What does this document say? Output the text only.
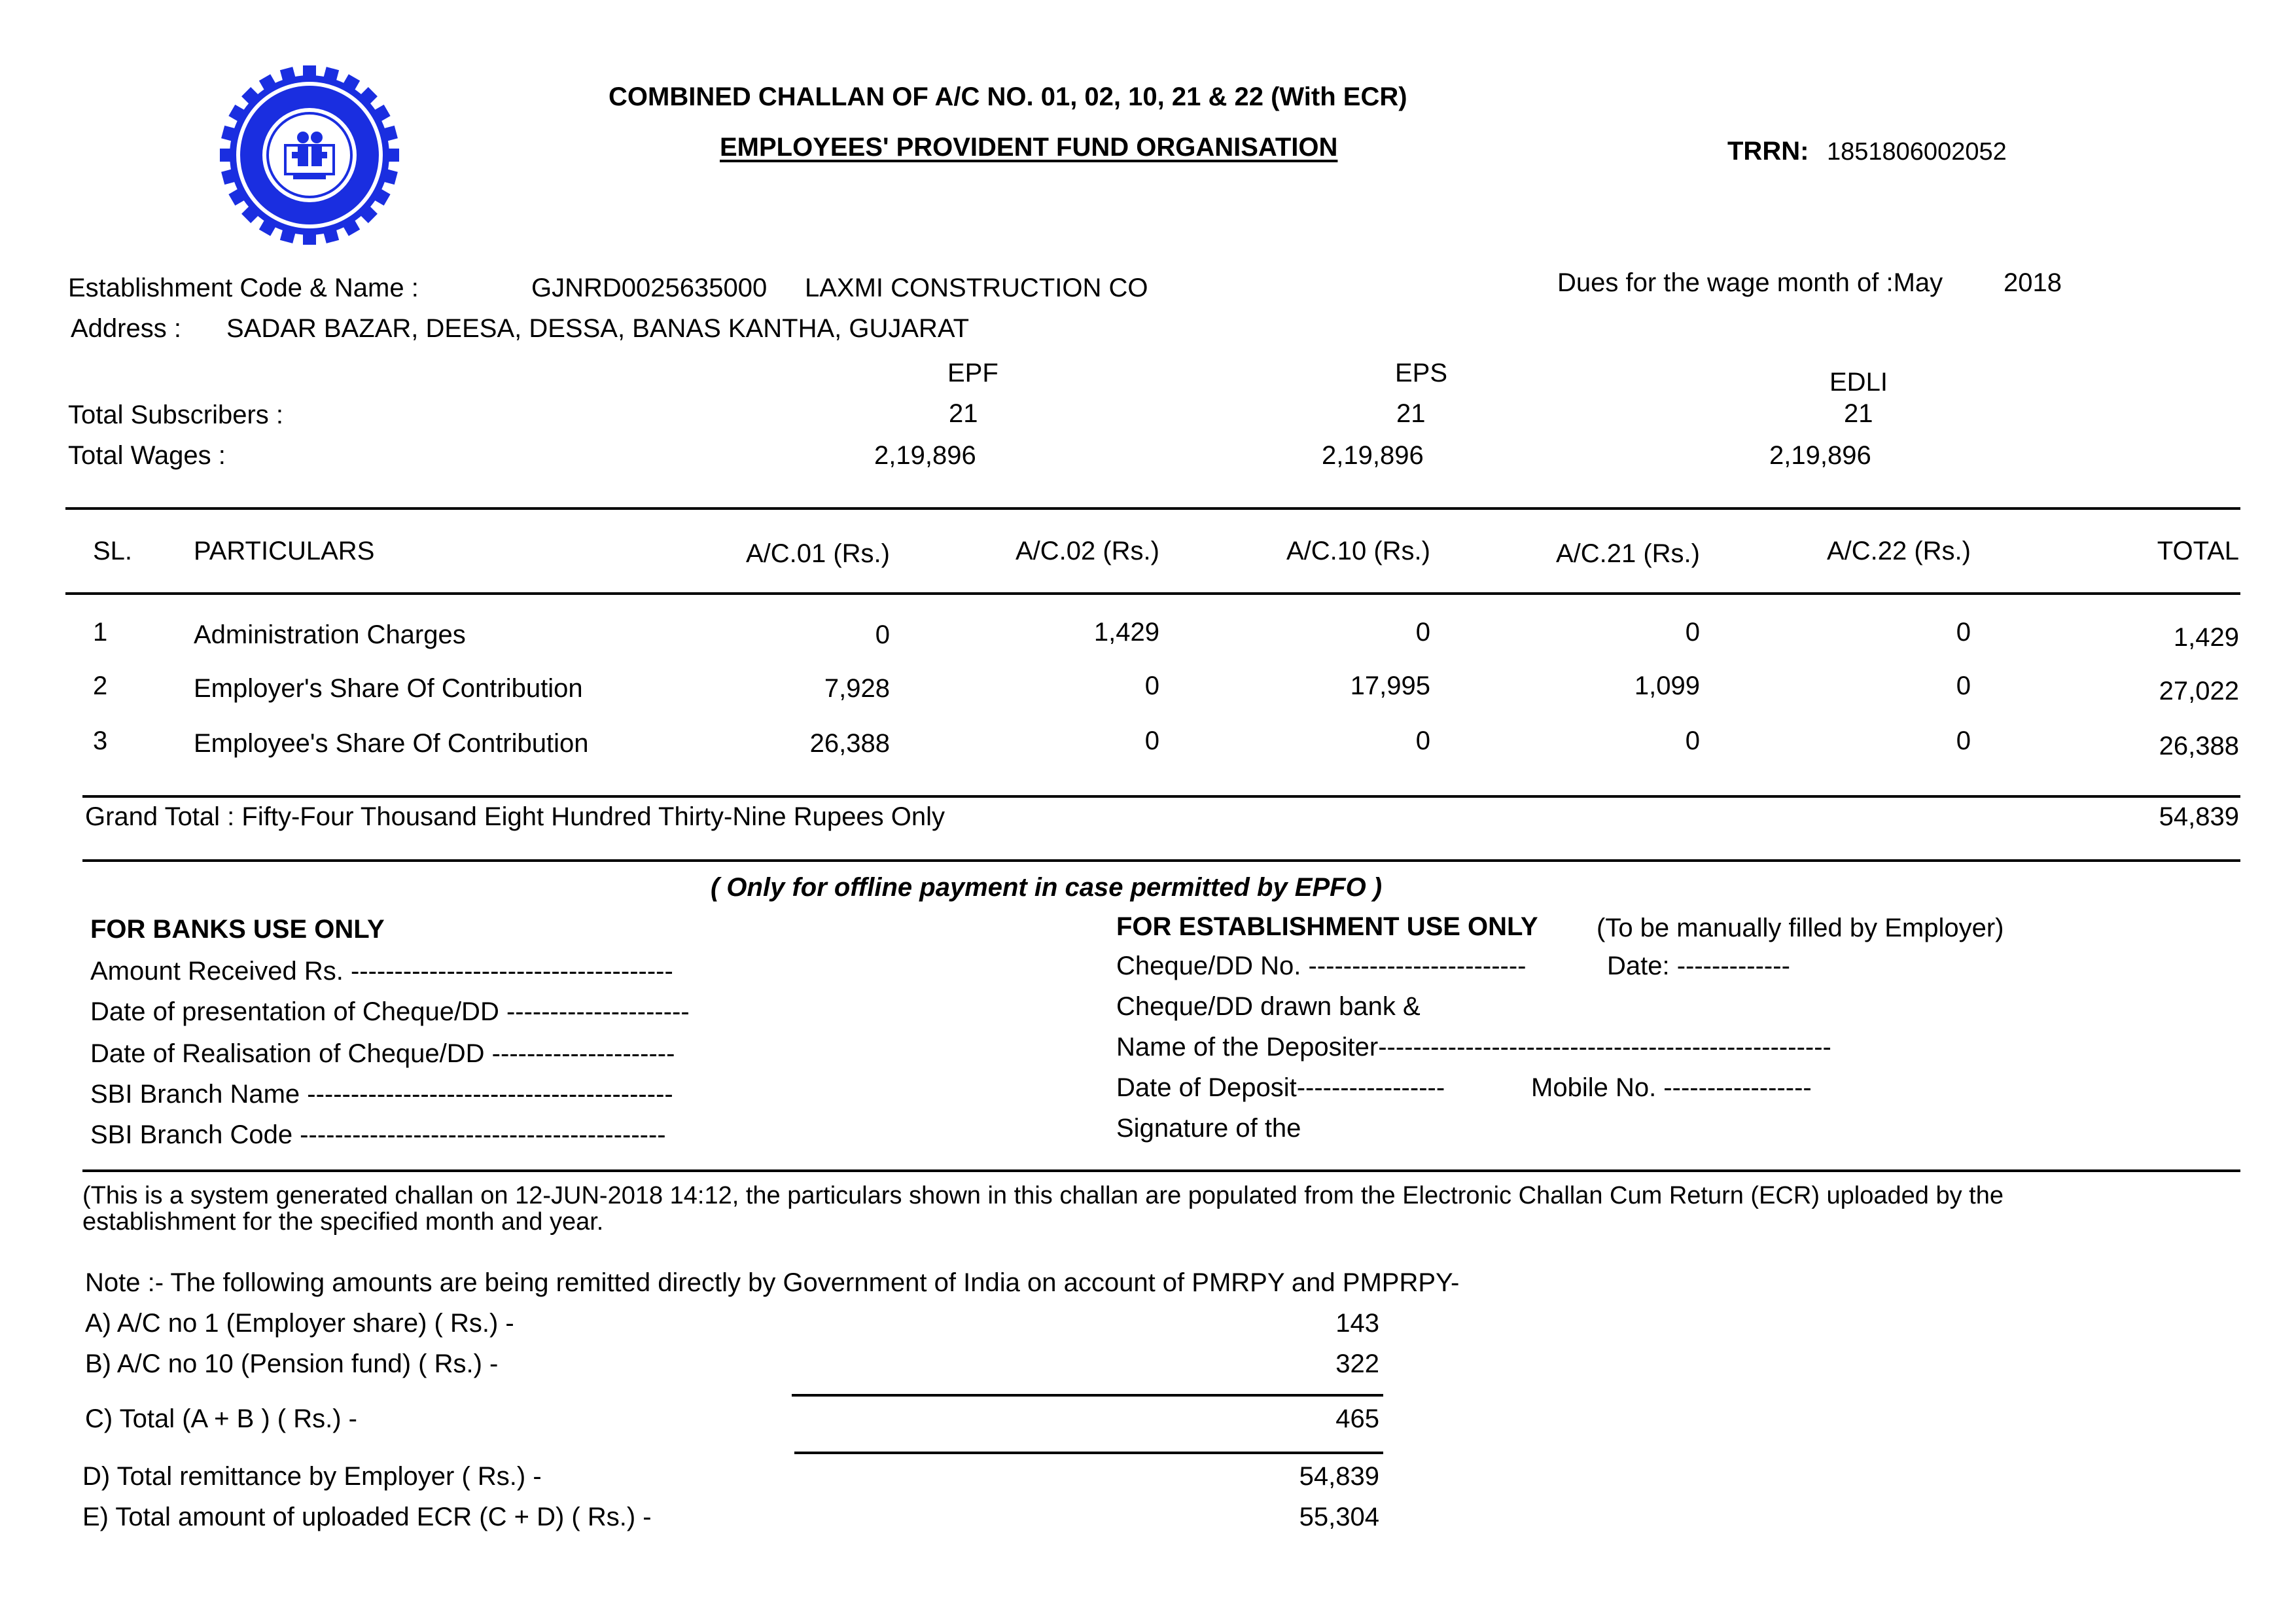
COMBINED CHALLAN OF A/C NO. 01, 02, 10, 21 & 22 (With ECR)
EMPLOYEES' PROVIDENT FUND ORGANISATION	TRRN: 1851806002052
Establishment Code & Name :	GJNRD0025635000 LAXMI CONSTRUCTION CO	Dues for the wage month of :May 2018
Address : SADAR BAZAR, DEESA, DESSA, BANAS KANTHA, GUJARAT
EPF	EPS	EDLI
Total Subscribers :	21	21	21
Total Wages :	2,19,896	2,19,896	2,19,896
SL. PARTICULARS	A/C.01 (Rs.)	A/C.02 (Rs.)	A/C.10 (Rs.)	A/C.21 (Rs.)	A/C.22 (Rs.)	TOTAL
1	Administration Charges	0	1,429	0	0	0	1,429
2	Employer's Share Of Contribution	7,928	0	17,995	1,099	0	27,022
3	Employee's Share Of Contribution	26,388	0	0	0	0	26,388
Grand Total : Fifty-Four Thousand Eight Hundred Thirty-Nine Rupees Only	54,839
( Only for offline payment in case permitted by EPFO )
FOR BANKS USE ONLY
Amount Received Rs. -------------------------------------
Date of presentation of Cheque/DD ---------------------
Date of Realisation of Cheque/DD ---------------------
SBI Branch Name ------------------------------------------
SBI Branch Code ------------------------------------------
FOR ESTABLISHMENT USE ONLY (To be manually filled by Employer)
Cheque/DD No. -------------------------	Date: -------------
Cheque/DD drawn bank &
Name of the Depositer----------------------------------------------------
Date of Deposit-----------------	Mobile No. -----------------
Signature of the
(This is a system generated challan on 12-JUN-2018 14:12, the particulars shown in this challan are populated from the Electronic Challan Cum Return (ECR) uploaded by the
establishment for the specified month and year.
Note :- The following amounts are being remitted directly by Government of India on account of PMRPY and PMPRPY-
A) A/C no 1 (Employer share) ( Rs.) -	143
B) A/C no 10 (Pension fund) ( Rs.) -	322
C) Total (A + B ) ( Rs.) -	465
D) Total remittance by Employer ( Rs.) -	54,839
E) Total amount of uploaded ECR (C + D) ( Rs.) -	55,304
